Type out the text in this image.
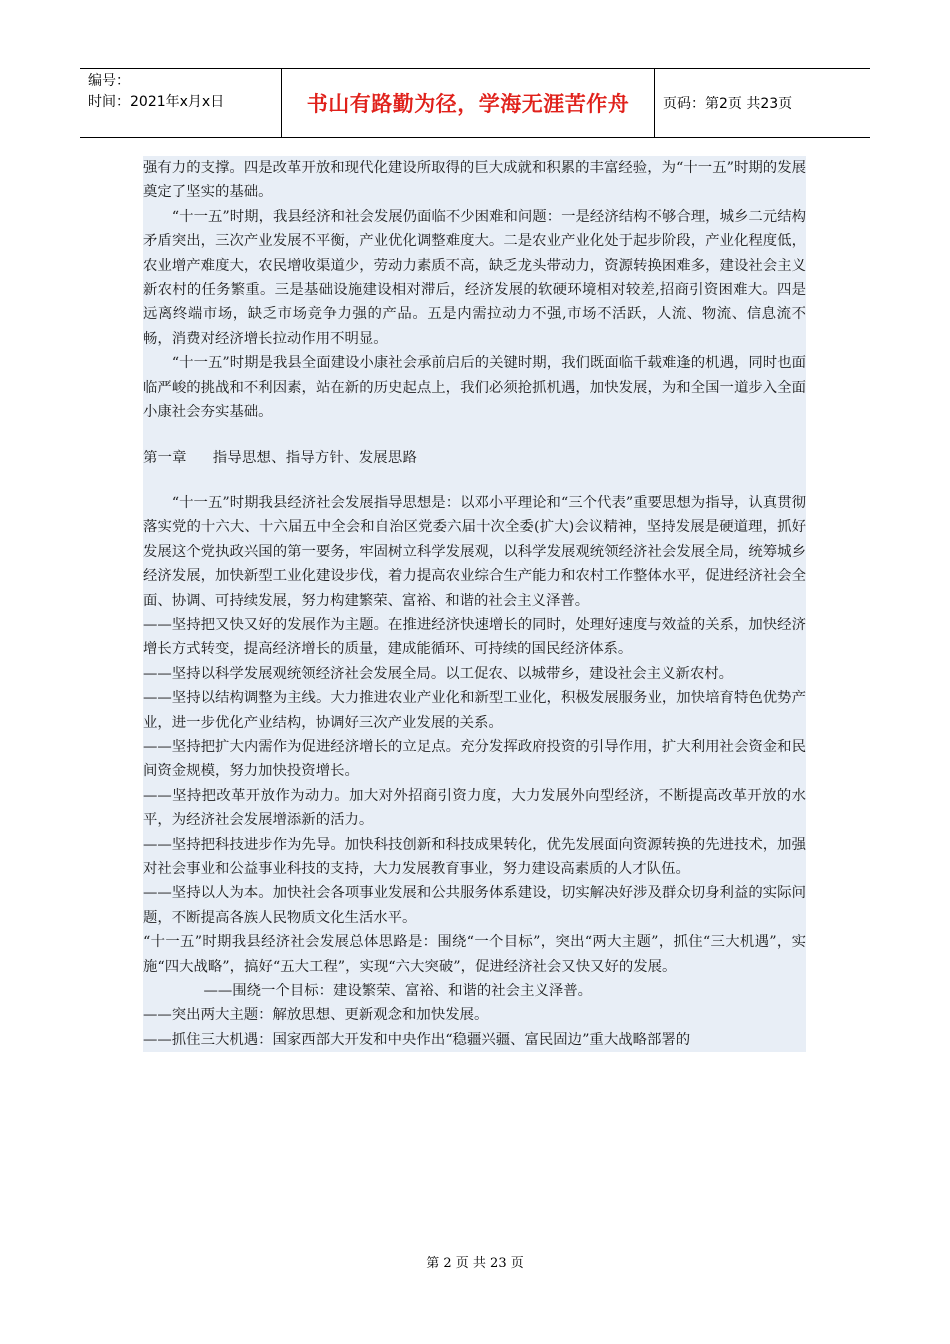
编号：
时间：2021年x月x日	书山有路勤为径，学海无涯苦作舟	页码：第2页 共23页

强有力的支撑。四是改革开放和现代化建设所取得的巨大成就和积累的丰富经验，为“十一五”时期的发展奠定了坚实的基础。

“十一五”时期，我县经济和社会发展仍面临不少困难和问题：一是经济结构不够合理，城乡二元结构矛盾突出，三次产业发展不平衡，产业优化调整难度大。二是农业产业化处于起步阶段，产业化程度低，农业增产难度大，农民增收渠道少，劳动力素质不高，缺乏龙头带动力，资源转换困难多，建设社会主义新农村的任务繁重。三是基础设施建设相对滞后，经济发展的软硬环境相对较差,招商引资困难大。四是远离终端市场，缺乏市场竞争力强的产品。五是内需拉动力不强,市场不活跃，人流、物流、信息流不畅，消费对经济增长拉动作用不明显。

“十一五”时期是我县全面建设小康社会承前启后的关键时期，我们既面临千载难逢的机遇，同时也面临严峻的挑战和不利因素，站在新的历史起点上，我们必须抢抓机遇，加快发展，为和全国一道步入全面小康社会夯实基础。

第一章 指导思想、指导方针、发展思路

“十一五”时期我县经济社会发展指导思想是：以邓小平理论和“三个代表”重要思想为指导，认真贯彻落实党的十六大、十六届五中全会和自治区党委六届十次全委(扩大)会议精神，坚持发展是硬道理，抓好发展这个党执政兴国的第一要务，牢固树立科学发展观，以科学发展观统领经济社会发展全局，统筹城乡经济发展，加快新型工业化建设步伐，着力提高农业综合生产能力和农村工作整体水平，促进经济社会全面、协调、可持续发展，努力构建繁荣、富裕、和谐的社会主义泽普。

——坚持把又快又好的发展作为主题。在推进经济快速增长的同时，处理好速度与效益的关系，加快经济增长方式转变，提高经济增长的质量，建成能循环、可持续的国民经济体系。

——坚持以科学发展观统领经济社会发展全局。以工促农、以城带乡，建设社会主义新农村。

——坚持以结构调整为主线。大力推进农业产业化和新型工业化，积极发展服务业，加快培育特色优势产业，进一步优化产业结构，协调好三次产业发展的关系。

——坚持把扩大内需作为促进经济增长的立足点。充分发挥政府投资的引导作用，扩大利用社会资金和民间资金规模，努力加快投资增长。

——坚持把改革开放作为动力。加大对外招商引资力度，大力发展外向型经济，不断提高改革开放的水平，为经济社会发展增添新的活力。

——坚持把科技进步作为先导。加快科技创新和科技成果转化，优先发展面向资源转换的先进技术，加强对社会事业和公益事业科技的支持，大力发展教育事业，努力建设高素质的人才队伍。

——坚持以人为本。加快社会各项事业发展和公共服务体系建设，切实解决好涉及群众切身利益的实际问题，不断提高各族人民物质文化生活水平。

“十一五”时期我县经济社会发展总体思路是：围绕“一个目标”，突出“两大主题”，抓住“三大机遇”，实施“四大战略”，搞好“五大工程”，实现“六大突破”，促进经济社会又快又好的发展。

——围绕一个目标：建设繁荣、富裕、和谐的社会主义泽普。

——突出两大主题：解放思想、更新观念和加快发展。

——抓住三大机遇：国家西部大开发和中央作出“稳疆兴疆、富民固边”重大战略部署的

第 2 页 共 23 页
